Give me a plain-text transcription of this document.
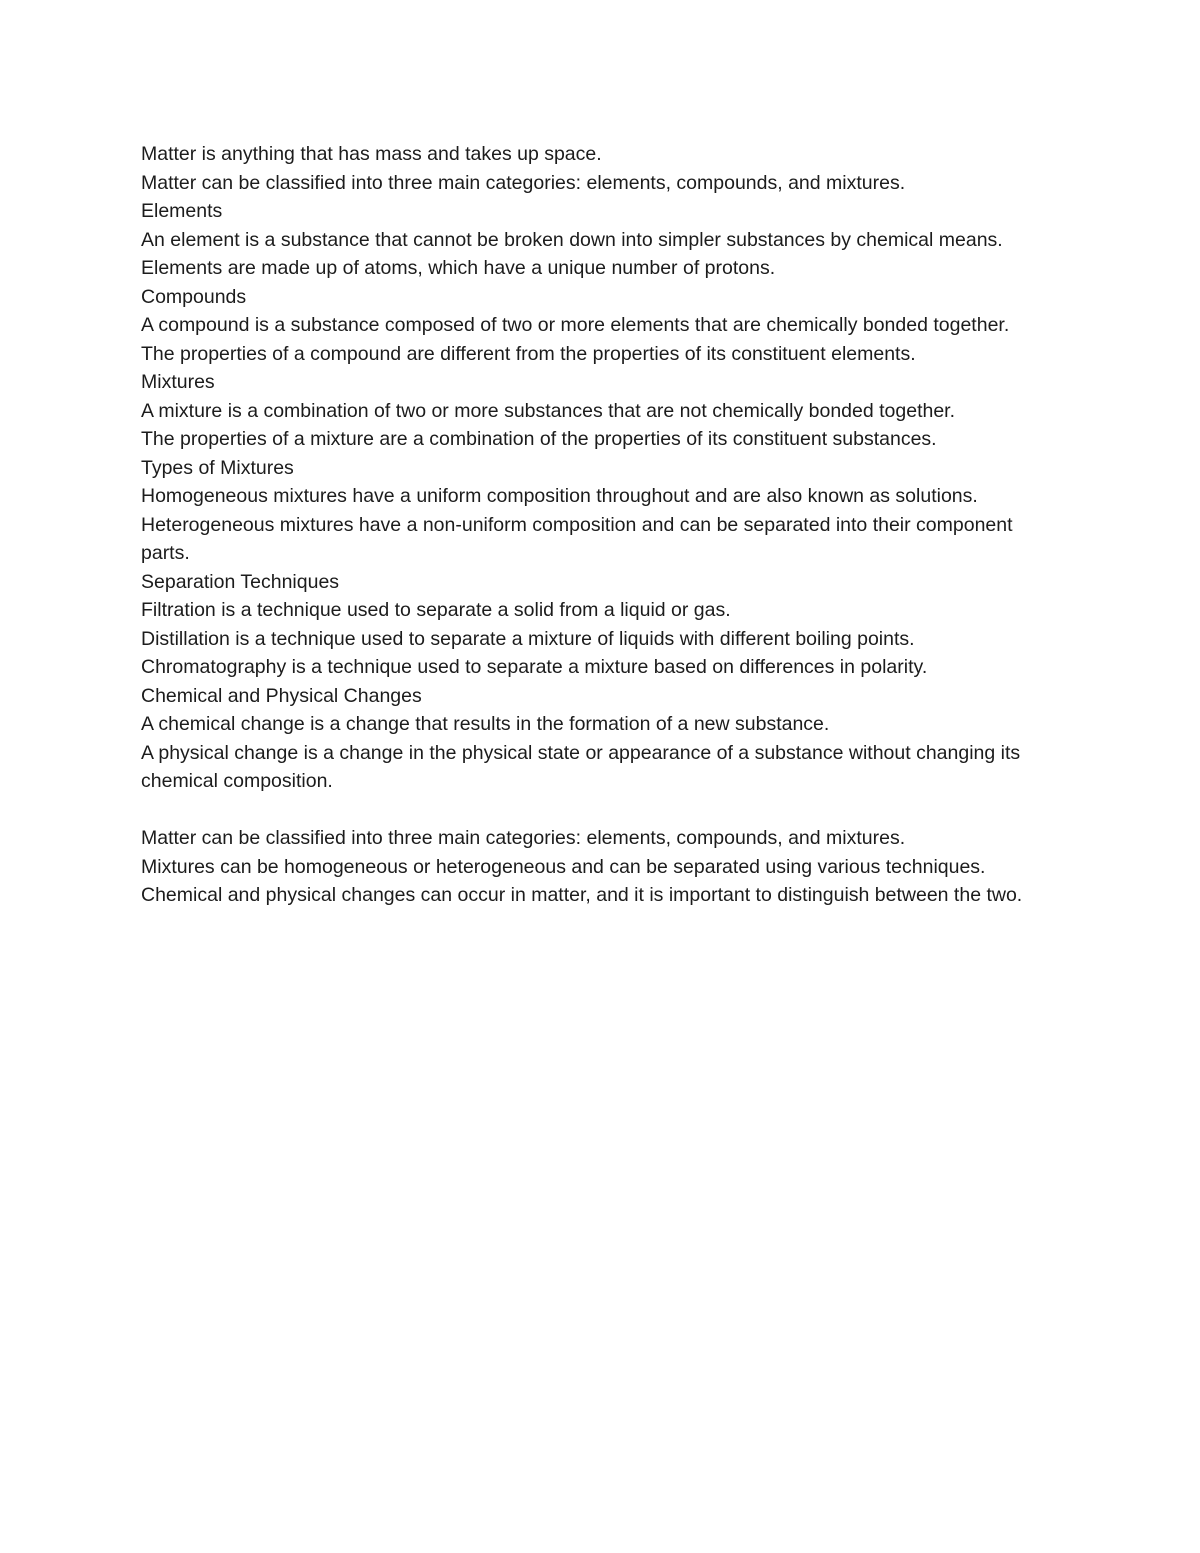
Matter is anything that has mass and takes up space.

Matter can be classified into three main categories: elements, compounds, and mixtures.

Elements

An element is a substance that cannot be broken down into simpler substances by chemical means.

Elements are made up of atoms, which have a unique number of protons.

Compounds

A compound is a substance composed of two or more elements that are chemically bonded together.

The properties of a compound are different from the properties of its constituent elements.

Mixtures

A mixture is a combination of two or more substances that are not chemically bonded together.

The properties of a mixture are a combination of the properties of its constituent substances.

Types of Mixtures

Homogeneous mixtures have a uniform composition throughout and are also known as solutions.

Heterogeneous mixtures have a non-uniform composition and can be separated into their component parts.

Separation Techniques

Filtration is a technique used to separate a solid from a liquid or gas.

Distillation is a technique used to separate a mixture of liquids with different boiling points.

Chromatography is a technique used to separate a mixture based on differences in polarity.

Chemical and Physical Changes

A chemical change is a change that results in the formation of a new substance.

A physical change is a change in the physical state or appearance of a substance without changing its chemical composition.

Matter can be classified into three main categories: elements, compounds, and mixtures.

Mixtures can be homogeneous or heterogeneous and can be separated using various techniques.

Chemical and physical changes can occur in matter, and it is important to distinguish between the two.
